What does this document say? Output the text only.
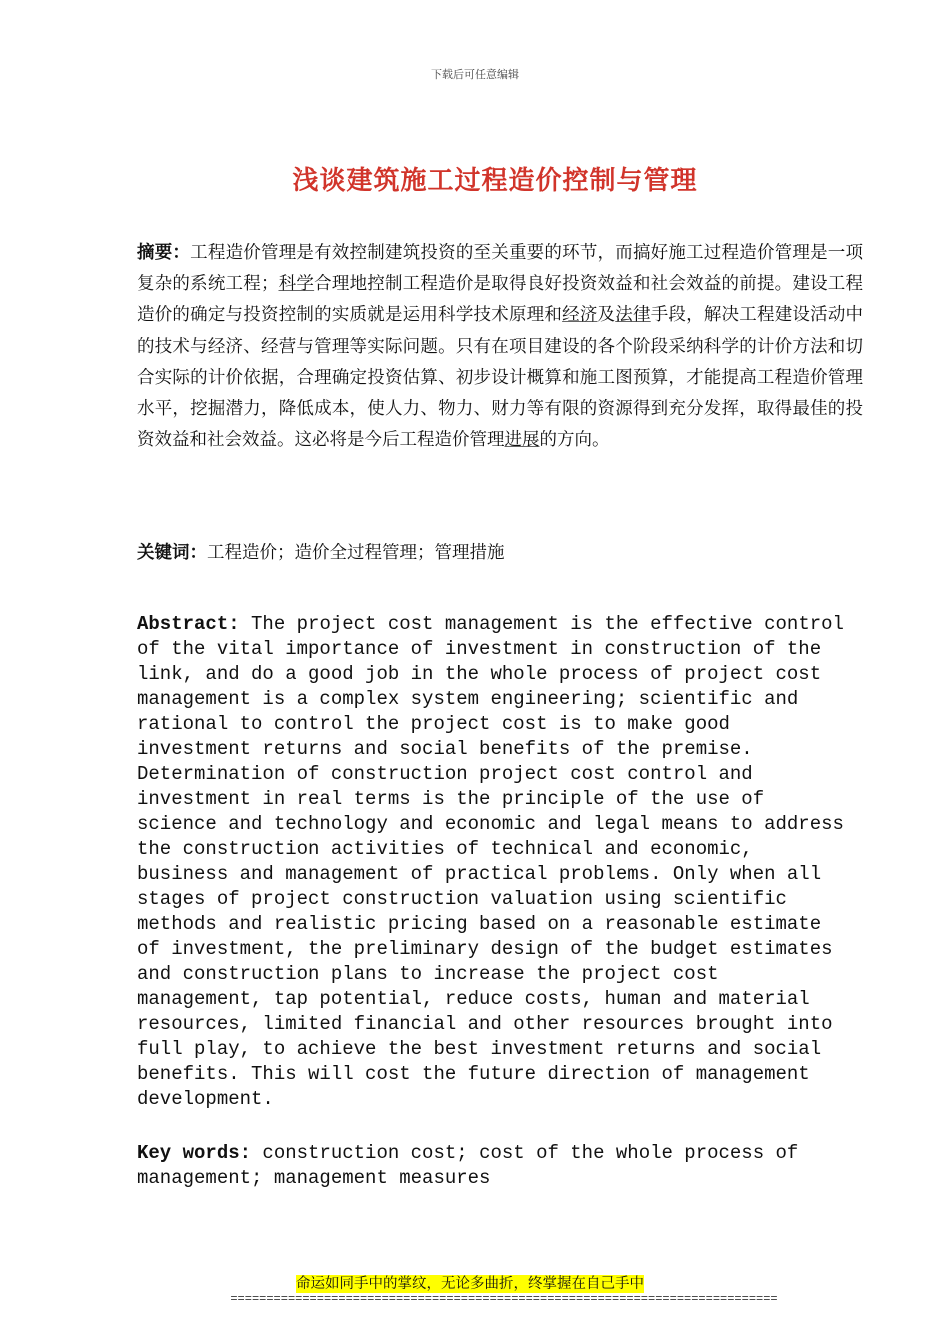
下载后可任意编辑
浅谈建筑施工过程造价控制与管理
摘要：工程造价管理是有效控制建筑投资的至关重要的环节，而搞好施工过程造价管理是一项复杂的系统工程；科学合理地控制工程造价是取得良好投资效益和社会效益的前提。建设工程造价的确定与投资控制的实质就是运用科学技术原理和经济及法律手段，解决工程建设活动中的技术与经济、经营与管理等实际问题。只有在项目建设的各个阶段采纳科学的计价方法和切合实际的计价依据，合理确定投资估算、初步设计概算和施工图预算，才能提高工程造价管理水平，挖掘潜力，降低成本，使人力、物力、财力等有限的资源得到充分发挥，取得最佳的投资效益和社会效益。这必将是今后工程造价管理进展的方向。
关键词：工程造价；造价全过程管理；管理措施
Abstract: The project cost management is the effective control
of the vital importance of investment in construction of the
link, and do a good job in the whole process of project cost
management is a complex system engineering; scientific and
rational to control the project cost is to make good
investment returns and social benefits of the premise.
Determination of construction project cost control and
investment in real terms is the principle of the use of
science and technology and economic and legal means to address
the construction activities of technical and economic,
business and management of practical problems. Only when all
stages of project construction valuation using scientific
methods and realistic pricing based on a reasonable estimate
of investment, the preliminary design of the budget estimates
and construction plans to increase the project cost
management, tap potential, reduce costs, human and material
resources, limited financial and other resources brought into
full play, to achieve the best investment returns and social
benefits. This will cost the future direction of management
development.
Key words: construction cost; cost of the whole process of
management; management measures
命运如同手中的掌纹，无论多曲折，终掌握在自己手中
============================================================================
